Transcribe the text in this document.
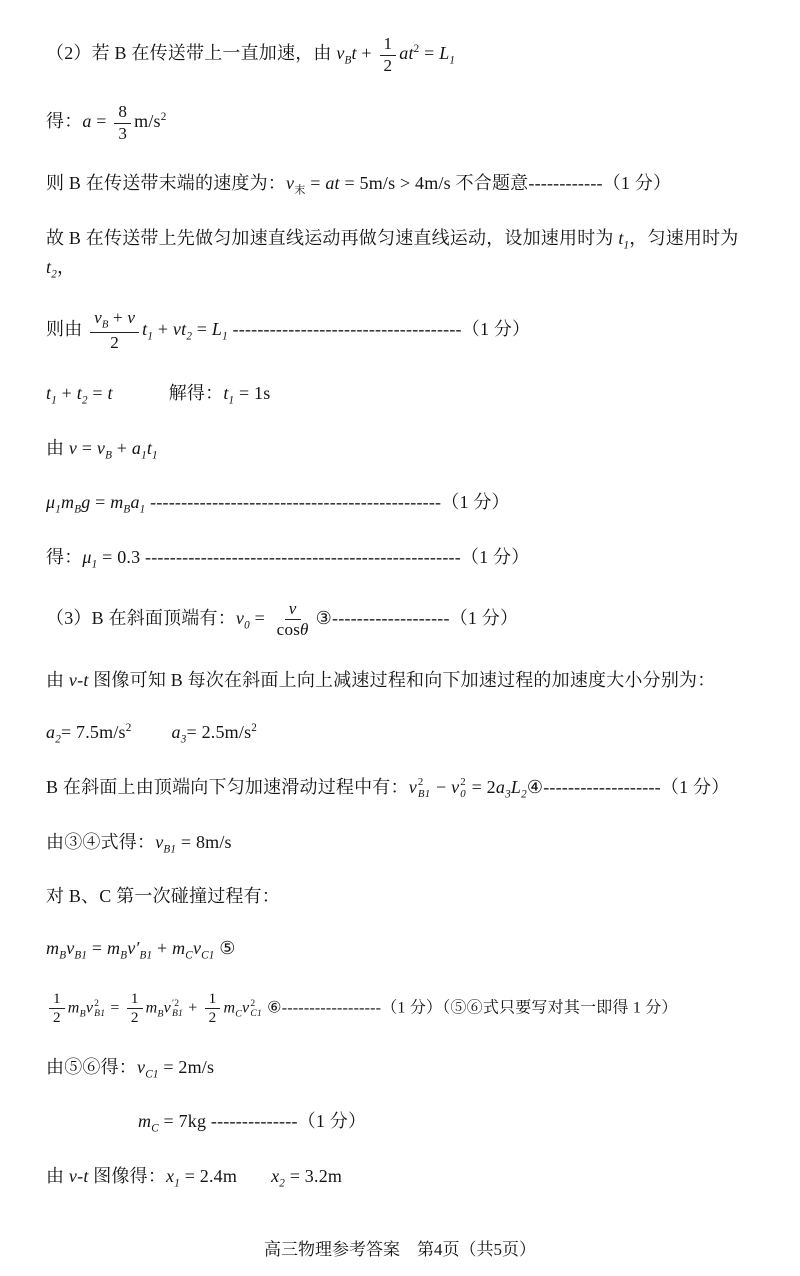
（2）若 B 在传送带上一直加速，由 $v_Bt + \frac{1}{2} at^2 = L_1$
得：$a = \frac{8}{3} m/s^2$
则 B 在传送带末端的速度为：$v_末$ = at = 5m/s > 4m/s 不合题意------------（1 分）
故 B 在传送带上先做匀加速直线运动再做匀速直线运动，设加速用时为 $t_1$，匀速用时为 $t_2$，
则由 $\frac{v_B + v}{2} t_1 + vt_2 = L_1$ -------------------------------------（1 分）
$t_1 + t_2 = t$	解得：$t_1 = 1s$
由 $v = v_B + a_1t_1$
$\mu_1m_Bg = m_Ba_1$ -----------------------------------------------（1 分）
得：$\mu_1 = 0.3$ ---------------------------------------------------（1 分）
（3）B 在斜面顶端有：$v_0 = \frac{v}{\cos\theta}$ ③-------------------（1 分）
由 v-t 图像可知 B 每次在斜面上向上减速过程和向下加速过程的加速度大小分别为：
$a_2= 7.5m/s^2$ $a_3= 2.5m/s^2$
B 在斜面上由顶端向下匀加速滑动过程中有：v 2
B1 − v 2
$0 = 2a_3L_2④-------------------(1$ 分）
由③④式得：$v_{B1} = 8m/s$
对 B、C 第一次碰撞过程有：
$m_Bv_{B1} = m_Bv'_{B1} + m_Cv_{C1}$ ⑤
$\frac{1}{2} m_Bv$ 2
$B1 = \frac{1}{2} m_Bv$ ′2
$B1 + \frac{1}{2} m_Cv$ 2
C1 ⑥------------------（1 分）（⑤⑥式只要写对其一即得 1 分）
由⑤⑥得：$v_{C1} = 2m/s$
$m_C = 7kg$ --------------（1 分）
由 v-t 图像得：$x_1 = 2.4m$ $x_2 = 3.2m$
高三物理参考答案　第4页（共5页）
